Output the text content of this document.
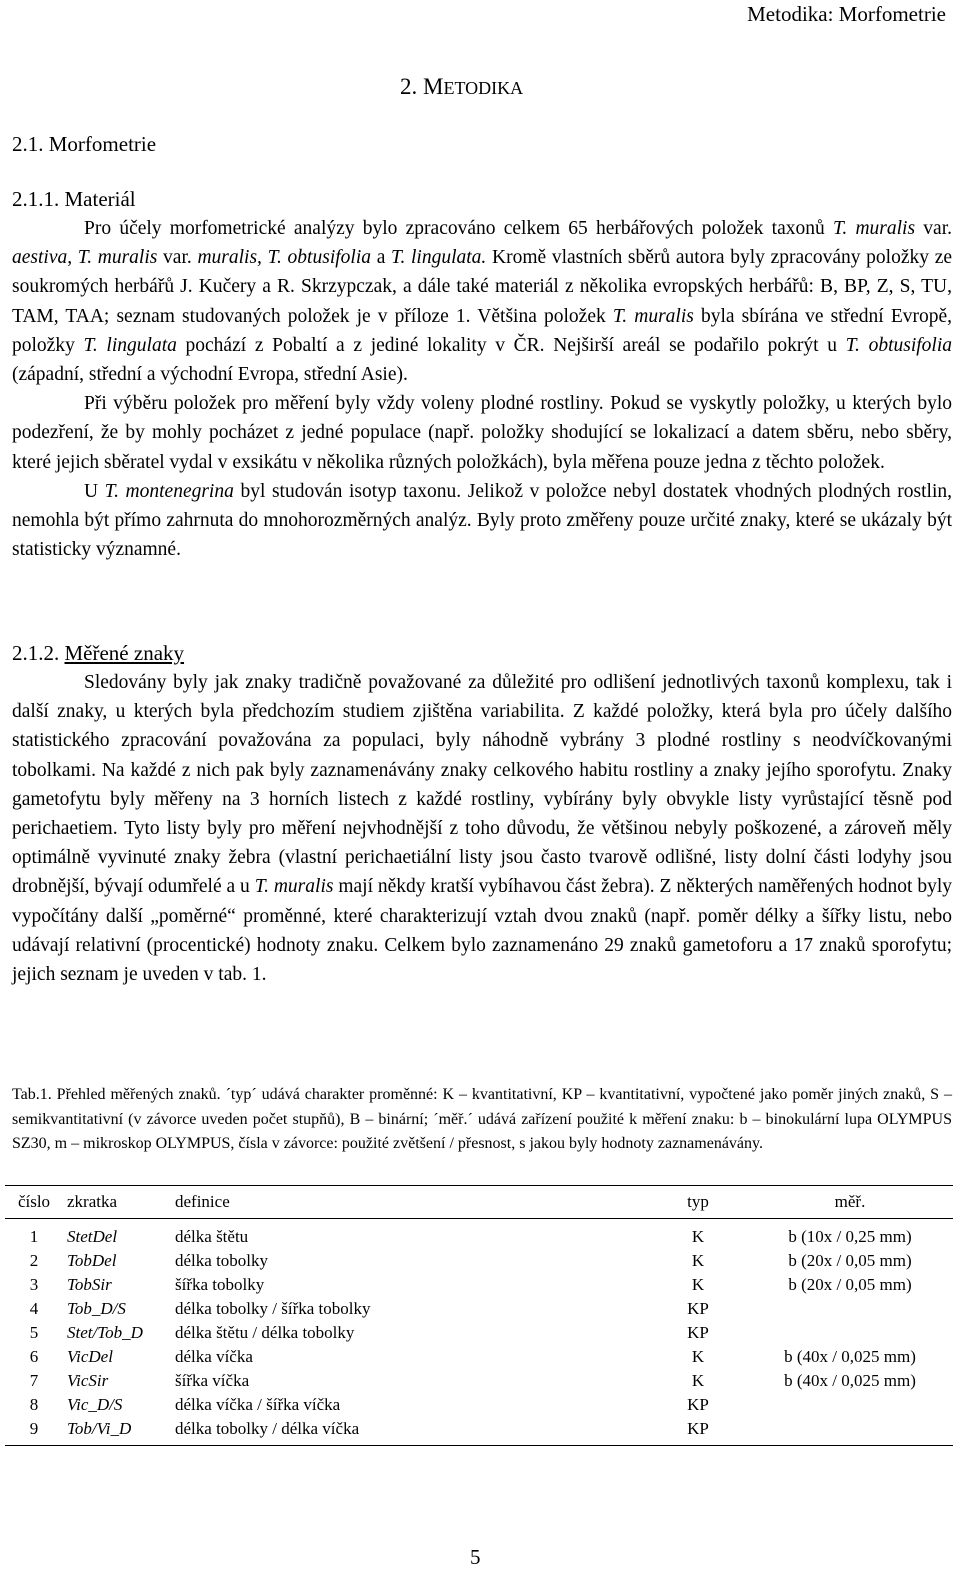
Metodika: Morfometrie
2. METODIKA
2.1. Morfometrie
2.1.1. Materiál

Pro účely morfometrické analýzy bylo zpracováno celkem 65 herbářových položek taxonů T. muralis var. aestiva, T. muralis var. muralis, T. obtusifolia a T. lingulata. Kromě vlastních sběrů autora byly zpracovány položky ze soukromých herbářů J. Kučery a R. Skrzypczak, a dále také materiál z několika evropských herbářů: B, BP, Z, S, TU, TAM, TAA; seznam studovaných položek je v příloze 1. Většina položek T. muralis byla sbírána ve střední Evropě, položky T. lingulata pochází z Pobaltí a z jediné lokality v ČR. Nejširší areál se podařilo pokrýt u T. obtusifolia (západní, střední a východní Evropa, střední Asie).

Při výběru položek pro měření byly vždy voleny plodné rostliny. Pokud se vyskytly položky, u kterých bylo podezření, že by mohly pocházet z jedné populace (např. položky shodující se lokalizací a datem sběru, nebo sběry, které jejich sběratel vydal v exsikátu v několika různých položkách), byla měřena pouze jedna z těchto položek.

U T. montenegrina byl studován isotyp taxonu. Jelikož v položce nebyl dostatek vhodných plodných rostlin, nemohla být přímo zahrnuta do mnohorozměrných analýz. Byly proto změřeny pouze určité znaky, které se ukázaly být statisticky významné.

2.1.2. Měřené znaky

Sledovány byly jak znaky tradičně považované za důležité pro odlišení jednotlivých taxonů komplexu, tak i další znaky, u kterých byla předchozím studiem zjištěna variabilita. Z každé položky, která byla pro účely dalšího statistického zpracování považována za populaci, byly náhodně vybrány 3 plodné rostliny s neodvíčkovanými tobolkami. Na každé z nich pak byly zaznamenávány znaky celkového habitu rostliny a znaky jejího sporofytu. Znaky gametofytu byly měřeny na 3 horních listech z každé rostliny, vybírány byly obvykle listy vyrůstající těsně pod perichaetiem. Tyto listy byly pro měření nejvhodnější z toho důvodu, že většinou nebyly poškozené, a zároveň měly optimálně vyvinuté znaky žebra (vlastní perichaetiální listy jsou často tvarově odlišné, listy dolní části lodyhy jsou drobnější, bývají odumřelé a u T. muralis mají někdy kratší vybíhavou část žebra). Z některých naměřených hodnot byly vypočítány další „poměrné“ proměnné, které charakterizují vztah dvou znaků (např. poměr délky a šířky listu, nebo udávají relativní (procentické) hodnoty znaku. Celkem bylo zaznamenáno 29 znaků gametoforu a 17 znaků sporofytu; jejich seznam je uveden v tab. 1.

Tab.1. Přehled měřených znaků. ´typ´ udává charakter proměnné: K – kvantitativní, KP – kvantitativní, vypočtené jako poměr jiných znaků, S – semikvantitativní (v závorce uveden počet stupňů), B – binární; ´měř.´ udává zařízení použité k měření znaku: b – binokulární lupa OLYMPUS SZ30, m – mikroskop OLYMPUS, čísla v závorce: použité zvětšení / přesnost, s jakou byly hodnoty zaznamenávány.

číslo	zkratka	definice	typ	měř.
1	StetDel	délka štětu	K	b (10x / 0,25 mm)
2	TobDel	délka tobolky	K	b (20x / 0,05 mm)
3	TobSir	šířka tobolky	K	b (20x / 0,05 mm)
4	Tob_D/S	délka tobolky / šířka tobolky	KP	
5	Stet/Tob_D	délka štětu / délka tobolky	KP	
6	VicDel	délka víčka	K	b (40x / 0,025 mm)
7	VicSir	šířka víčka	K	b (40x / 0,025 mm)
8	Vic_D/S	délka víčka / šířka víčka	KP	
9	Tob/Vi_D	délka tobolky / délka víčka	KP	
5
